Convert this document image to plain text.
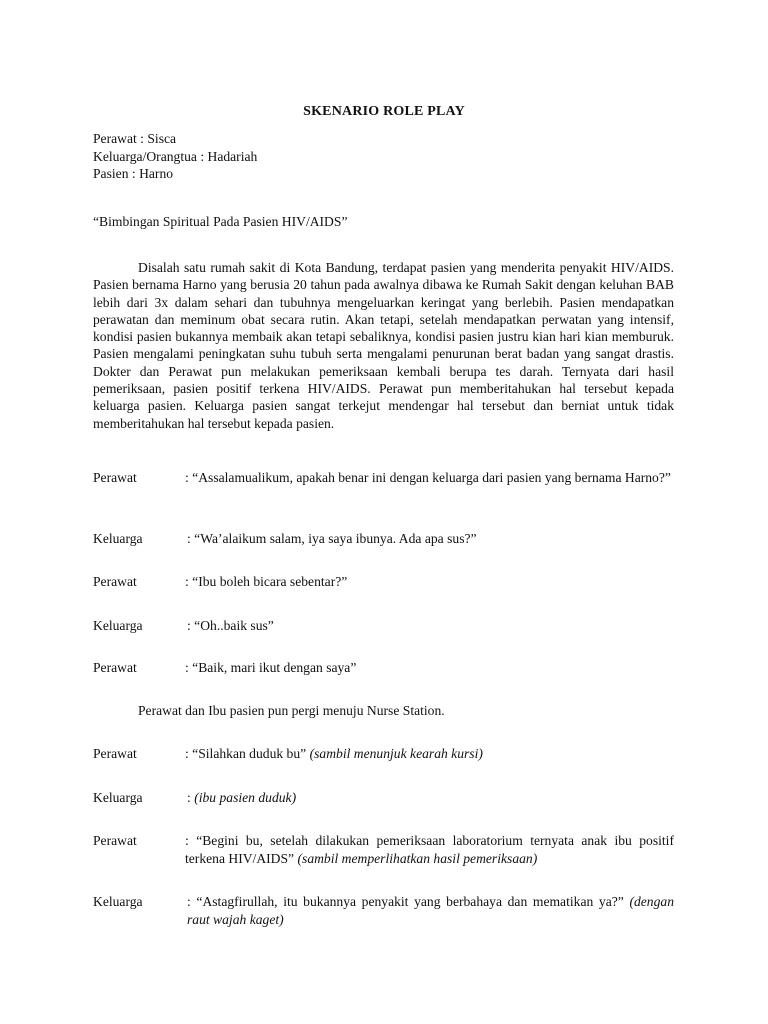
SKENARIO ROLE PLAY
Perawat : Sisca
Keluarga/Orangtua : Hadariah
Pasien : Harno
“Bimbingan Spiritual Pada Pasien HIV/AIDS”
Disalah satu rumah sakit di Kota Bandung, terdapat pasien yang menderita penyakit HIV/AIDS. Pasien bernama Harno yang berusia 20 tahun pada awalnya dibawa ke Rumah Sakit dengan keluhan BAB lebih dari 3x dalam sehari dan tubuhnya mengeluarkan keringat yang berlebih. Pasien mendapatkan perawatan dan meminum obat secara rutin. Akan tetapi, setelah mendapatkan perwatan yang intensif, kondisi pasien bukannya membaik akan tetapi sebaliknya, kondisi pasien justru kian hari kian memburuk. Pasien mengalami peningkatan suhu tubuh serta mengalami penurunan berat badan yang sangat drastis. Dokter dan Perawat pun melakukan pemeriksaan kembali berupa tes darah. Ternyata dari hasil pemeriksaan, pasien positif terkena HIV/AIDS. Perawat pun memberitahukan hal tersebut kepada keluarga pasien. Keluarga pasien sangat terkejut mendengar hal tersebut dan berniat untuk tidak memberitahukan hal tersebut kepada pasien.
Perawat	: “Assalamualikum, apakah benar ini dengan keluarga dari pasien yang bernama Harno?”
Keluarga	: “Wa’alaikum salam, iya saya ibunya. Ada apa sus?”
Perawat	: “Ibu boleh bicara sebentar?”
Keluarga	: “Oh..baik sus”
Perawat	: “Baik, mari ikut dengan saya”
Perawat dan Ibu pasien pun pergi menuju Nurse Station.
Perawat	: “Silahkan duduk bu” (sambil menunjuk kearah kursi)
Keluarga	: (ibu pasien duduk)
Perawat	: “Begini bu, setelah dilakukan pemeriksaan laboratorium ternyata anak ibu positif terkena HIV/AIDS” (sambil memperlihatkan hasil pemeriksaan)
Keluarga	: “Astagfirullah, itu bukannya penyakit yang berbahaya dan mematikan ya?” (dengan raut wajah kaget)
